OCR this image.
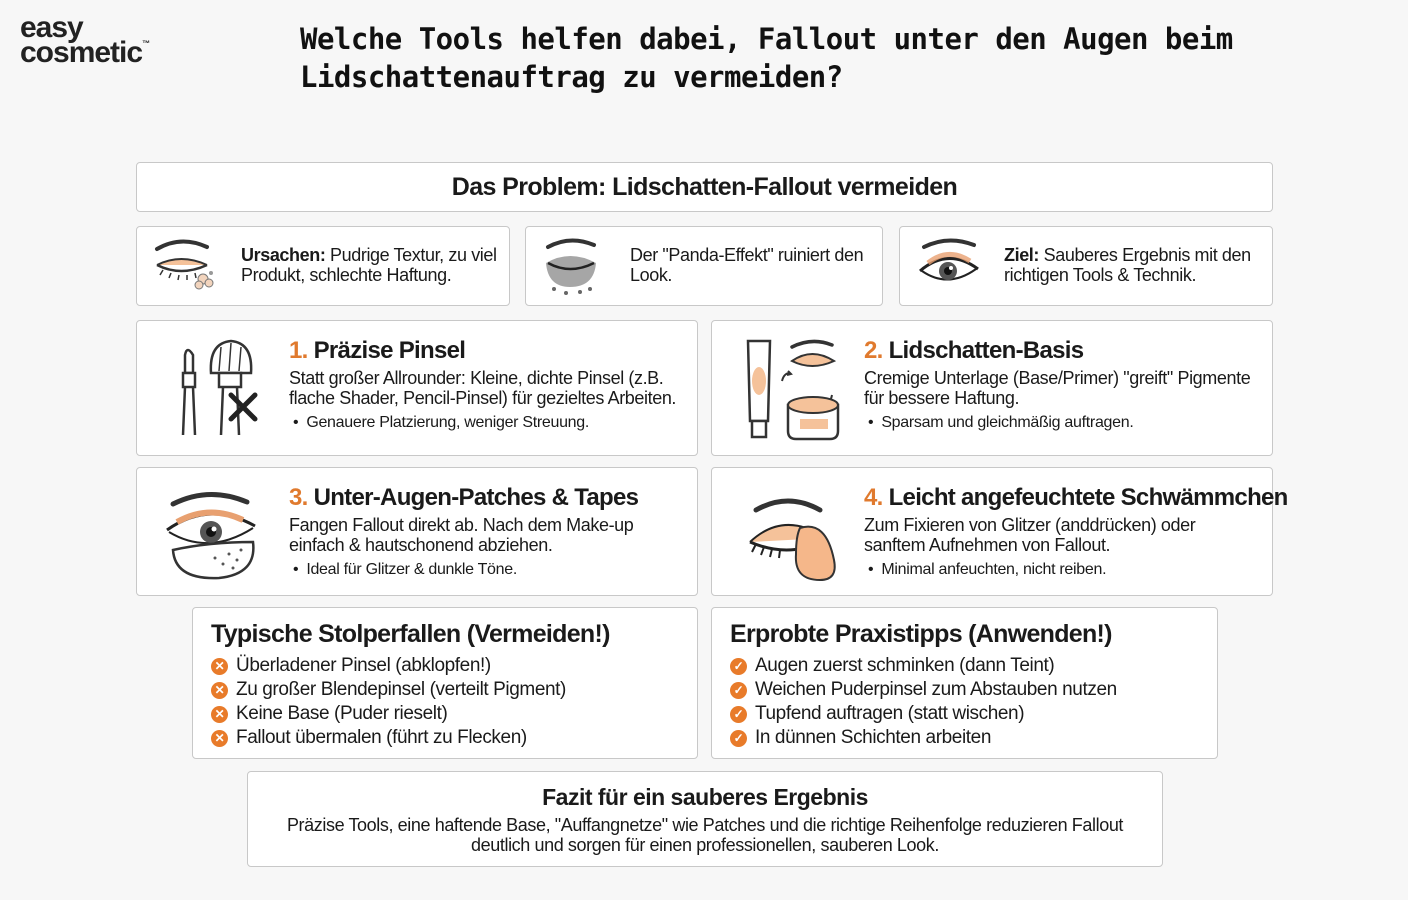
easy
cosmetic™	Welche Tools helfen dabei, Fallout unter den Augen beim Lidschattenauftrag zu vermeiden?
Das Problem: Lidschatten-Fallout vermeiden
Ursachen: Pudrige Textur, zu viel Produkt, schlechte Haftung.
Der "Panda-Effekt" ruiniert den Look.
Ziel: Sauberes Ergebnis mit den richtigen Tools & Technik.
1. Präzise Pinsel
Statt großer Allrounder: Kleine, dichte Pinsel (z.B. flache Shader, Pencil-Pinsel) für gezieltes Arbeiten.
• Genauere Platzierung, weniger Streuung.
2. Lidschatten-Basis
Cremige Unterlage (Base/Primer) "greift" Pigmente für bessere Haftung.
• Sparsam und gleichmäßig auftragen.
3. Unter-Augen-Patches & Tapes
Fangen Fallout direkt ab. Nach dem Make-up einfach & hautschonend abziehen.
• Ideal für Glitzer & dunkle Töne.
4. Leicht angefeuchtete Schwämmchen
Zum Fixieren von Glitzer (anddrücken) oder sanftem Aufnehmen von Fallout.
• Minimal anfeuchten, nicht reiben.
Typische Stolperfallen (Vermeiden!)
✕ Überladener Pinsel (abklopfen!)
✕ Zu großer Blendepinsel (verteilt Pigment)
✕ Keine Base (Puder rieselt)
✕ Fallout übermalen (führt zu Flecken)
Erprobte Praxistipps (Anwenden!)
✓ Augen zuerst schminken (dann Teint)
✓ Weichen Puderpinsel zum Abstauben nutzen
✓ Tupfend auftragen (statt wischen)
✓ In dünnen Schichten arbeiten
Fazit für ein sauberes Ergebnis

Präzise Tools, eine haftende Base, "Auffangnetze" wie Patches und die richtige Reihenfolge reduzieren Fallout deutlich und sorgen für einen professionellen, sauberen Look.
